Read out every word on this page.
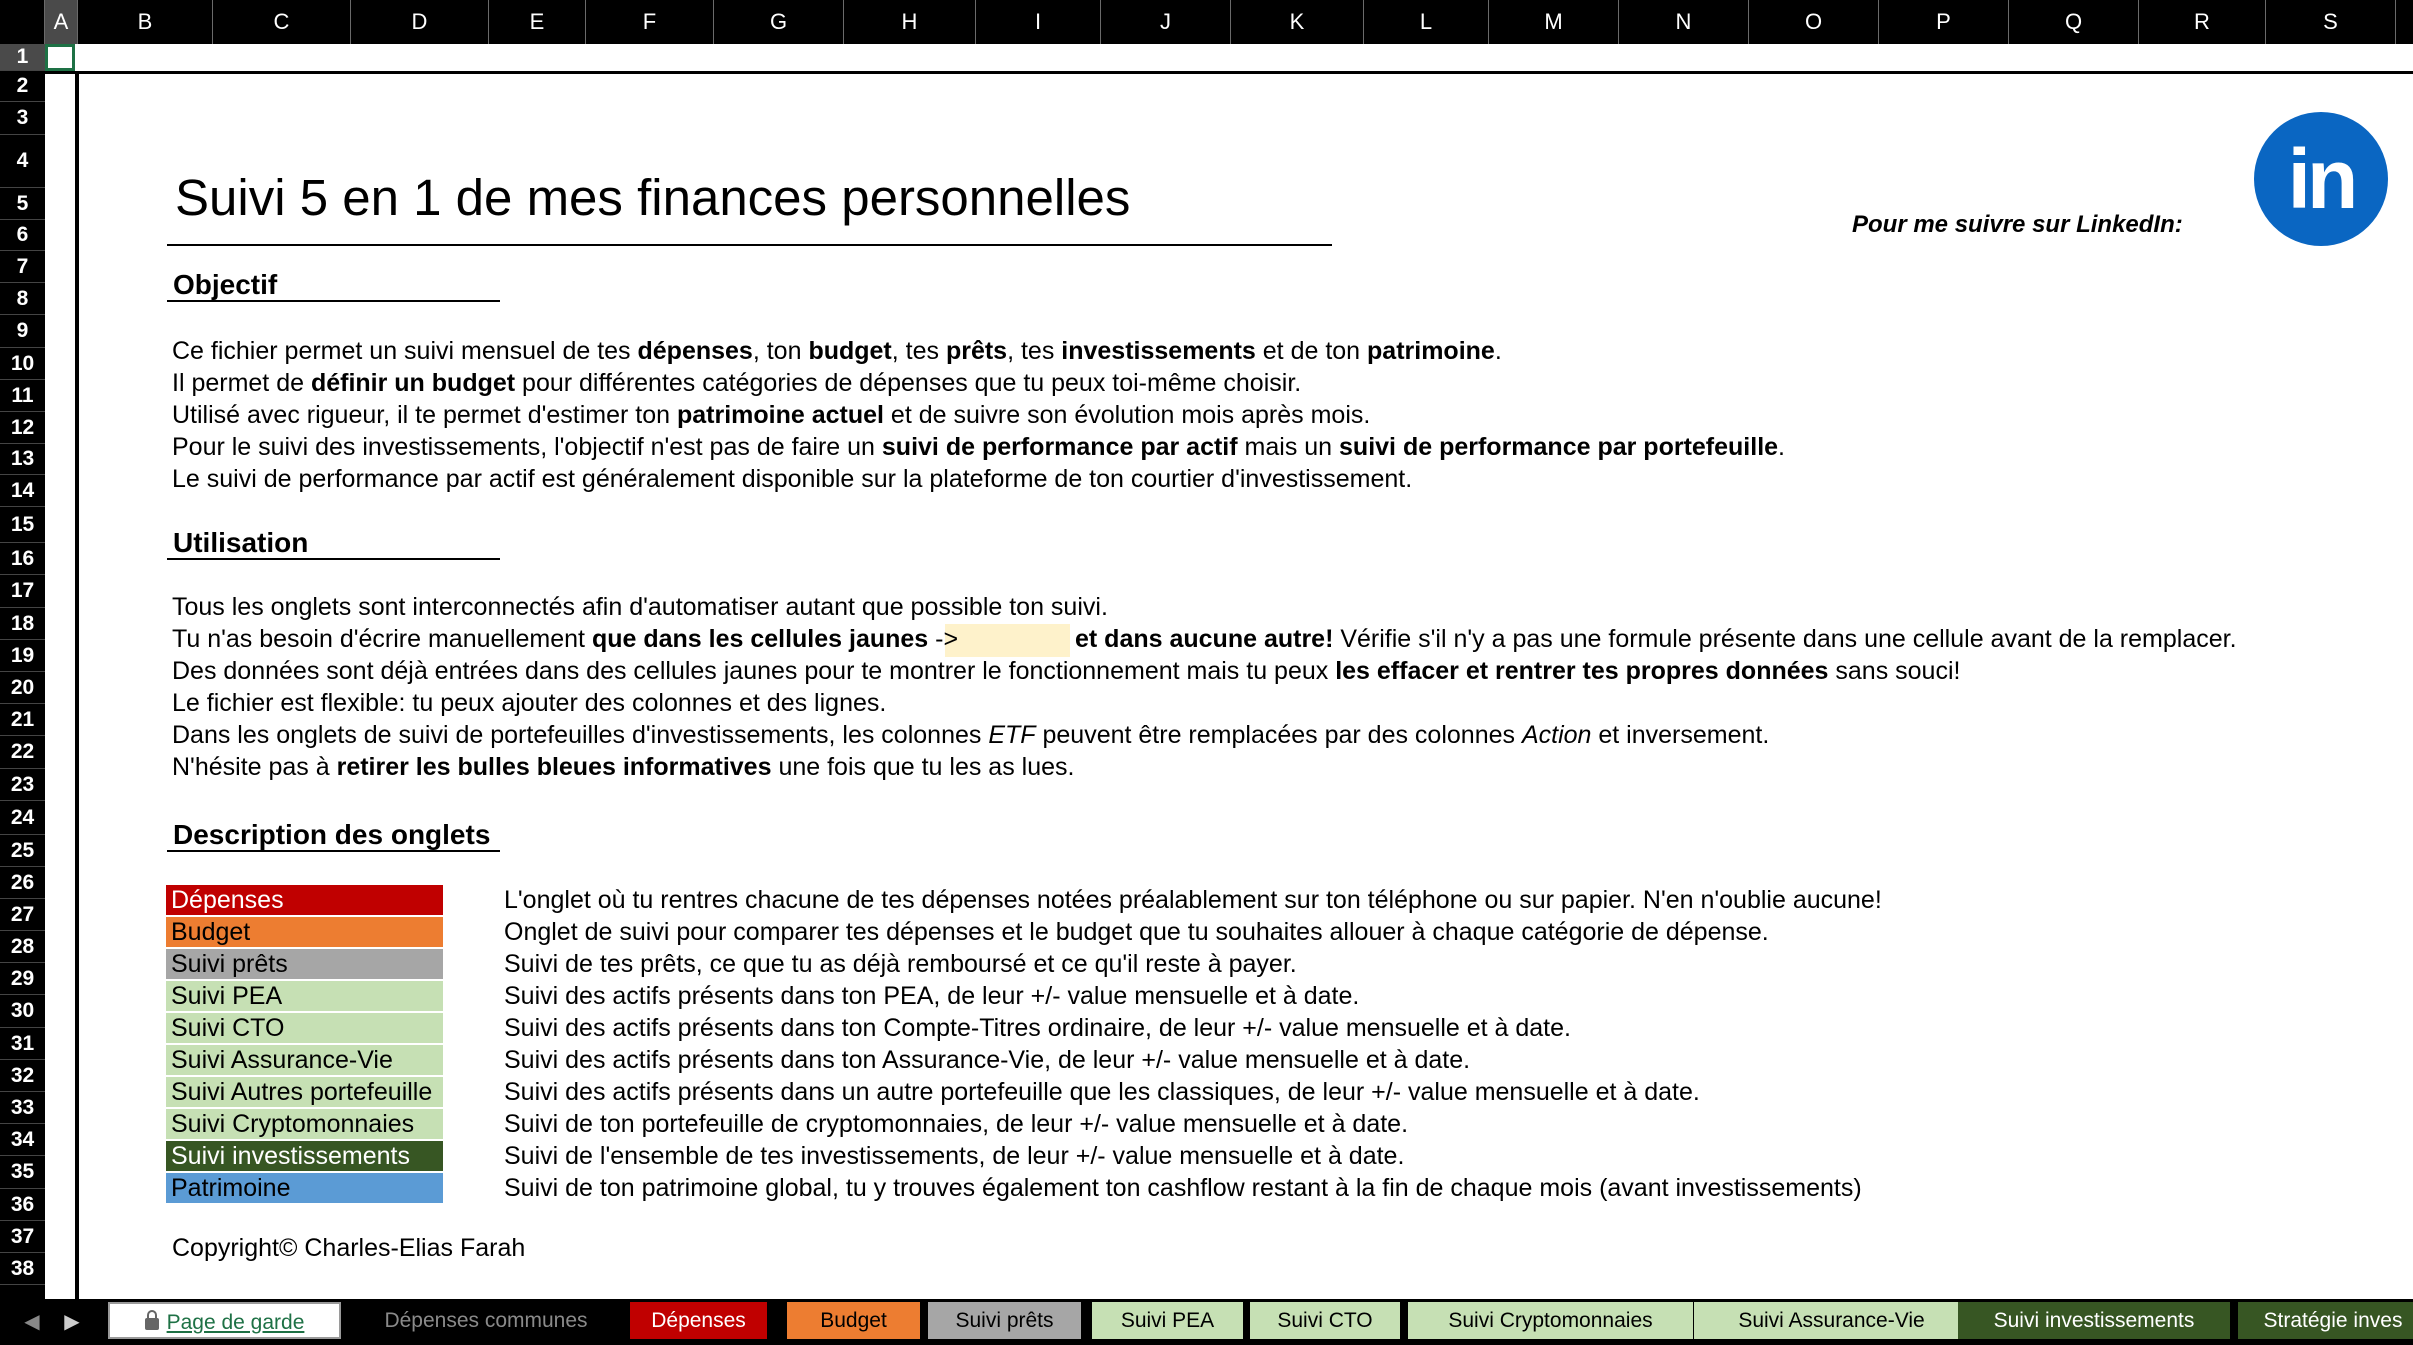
A	B	C	D	E	F	G	H	I	J	K	L	M	N	O	P	Q	R	S
1
2
3
4
5
6
7
8
9
10
11
12
13
14
15
16
17
18
19
20
21
22
23
24
25
26
27
28
29
30
31
32
33
34
35
36
37
38
Suivi 5 en 1 de mes finances personnelles	Pour me suivre sur LinkedIn:	in
Objectif
Utilisation
Description des onglets
Copyright© Charles-Elias Farah
Ce fichier permet un suivi mensuel de tes dépenses, ton budget, tes prêts, tes investissements et de ton patrimoine.
Il permet de définir un budget pour différentes catégories de dépenses que tu peux toi-même choisir.
Utilisé avec rigueur, il te permet d'estimer ton patrimoine actuel et de suivre son évolution mois après mois.
Pour le suivi des investissements, l'objectif n'est pas de faire un suivi de performance par actif mais un suivi de performance par portefeuille.
Le suivi de performance par actif est généralement disponible sur la plateforme de ton courtier d'investissement.
Tous les onglets sont interconnectés afin d'automatiser autant que possible ton suivi.
Tu n'as besoin d'écrire manuellement que dans les cellules jaunes ->
Des données sont déjà entrées dans des cellules jaunes pour te montrer le fonctionnement mais tu peux les effacer et rentrer tes propres données sans souci!
Le fichier est flexible: tu peux ajouter des colonnes et des lignes.
Dans les onglets de suivi de portefeuilles d'investissements, les colonnes ETF peuvent être remplacées par des colonnes Action et inversement.
N'hésite pas à retirer les bulles bleues informatives une fois que tu les as lues.
et dans aucune autre! Vérifie s'il n'y a pas une formule présente dans une cellule avant de la remplacer.
Dépenses	L'onglet où tu rentres chacune de tes dépenses notées préalablement sur ton téléphone ou sur papier. N'en n'oublie aucune!
Budget	Onglet de suivi pour comparer tes dépenses et le budget que tu souhaites allouer à chaque catégorie de dépense.
Suivi prêts	Suivi de tes prêts, ce que tu as déjà remboursé et ce qu'il reste à payer.
Suivi PEA	Suivi des actifs présents dans ton PEA, de leur +/- value mensuelle et à date.
Suivi CTO	Suivi des actifs présents dans ton Compte-Titres ordinaire, de leur +/- value mensuelle et à date.
Suivi Assurance-Vie	Suivi des actifs présents dans ton Assurance-Vie, de leur +/- value mensuelle et à date.
Suivi Autres portefeuille	Suivi des actifs présents dans un autre portefeuille que les classiques, de leur +/- value mensuelle et à date.
Suivi Cryptomonnaies	Suivi de ton portefeuille de cryptomonnaies, de leur +/- value mensuelle et à date.
Suivi investissements	Suivi de l'ensemble de tes investissements, de leur +/- value mensuelle et à date.
Patrimoine	Suivi de ton patrimoine global, tu y trouves également ton cashflow restant à la fin de chaque mois (avant investissements)
◀	▶	Page de garde	Dépenses communes	Dépenses	Budget	Suivi prêts	Suivi PEA	Suivi CTO	Suivi Cryptomonnaies	Suivi Assurance-Vie	Suivi investissements	Stratégie inves
